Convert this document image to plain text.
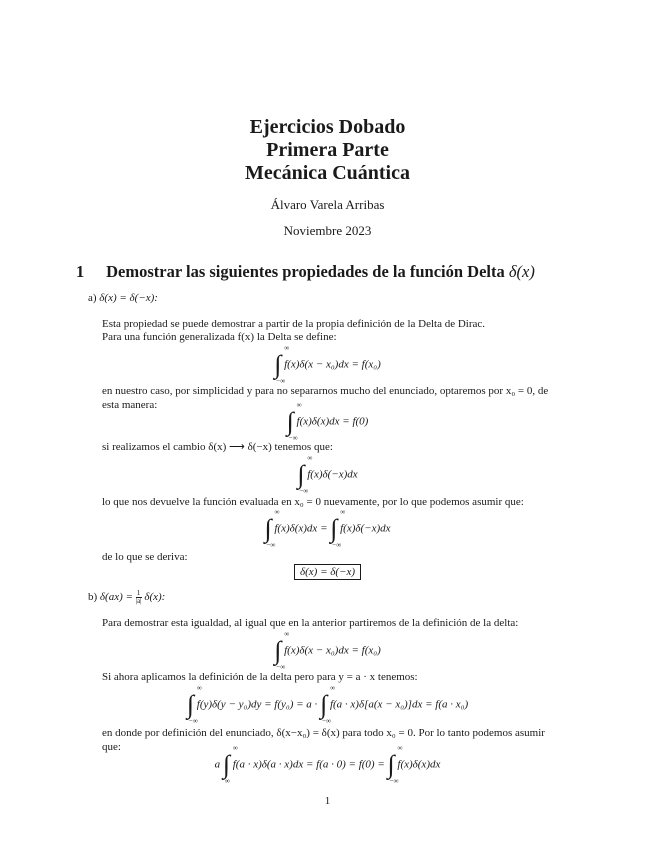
Ejercicios Dobado
Primera Parte
Mecánica Cuántica
Álvaro Varela Arribas
Noviembre 2023
1 Demostrar las siguientes propiedades de la función Delta δ(x)
a) δ(x) = δ(−x):
Esta propiedad se puede demostrar a partir de la propia definición de la Delta de Dirac.
Para una función generalizada f(x) la Delta se define:
∫
∞
−∞
f(x)δ(x − x₀)dx = f(x₀)
en nuestro caso, por simplicidad y para no separarnos mucho del enunciado, optaremos por x₀ = 0, de
esta manera:
∫
∞
−∞
f(x)δ(x)dx = f(0)
si realizamos el cambio δ(x) ⟶ δ(−x) tenemos que:
∫
∞
−∞
f(x)δ(−x)dx
lo que nos devuelve la función evaluada en x₀ = 0 nuevamente, por lo que podemos asumir que:
∫
∞
−∞
f(x)δ(x)dx = ∫
∞
−∞
f(x)δ(−x)dx
de lo que se deriva:
δ(x) = δ(−x)
b) $\delta(ax) = \frac{1}{|a|} \delta(x)$:
Para demostrar esta igualdad, al igual que en la anterior partiremos de la definición de la delta:
∫
∞
−∞
f(x)δ(x − x₀)dx = f(x₀)
Si ahora aplicamos la definición de la delta pero para y = a · x tenemos:
∫
∞
−∞
f(y)δ(y − y₀)dy = f(y₀) = a · ∫
∞
−∞
f(a · x)δ[a(x − x₀)]dx = f(a · x₀)
en donde por definición del enunciado, δ(x−x₀) = δ(x) para todo x₀ = 0. Por lo tanto podemos asumir
que:
a ∫
∞
∞
f(a · x)δ(a · x)dx = f(a · 0) = f(0) = ∫
∞
−∞
f(x)δ(x)dx
1
